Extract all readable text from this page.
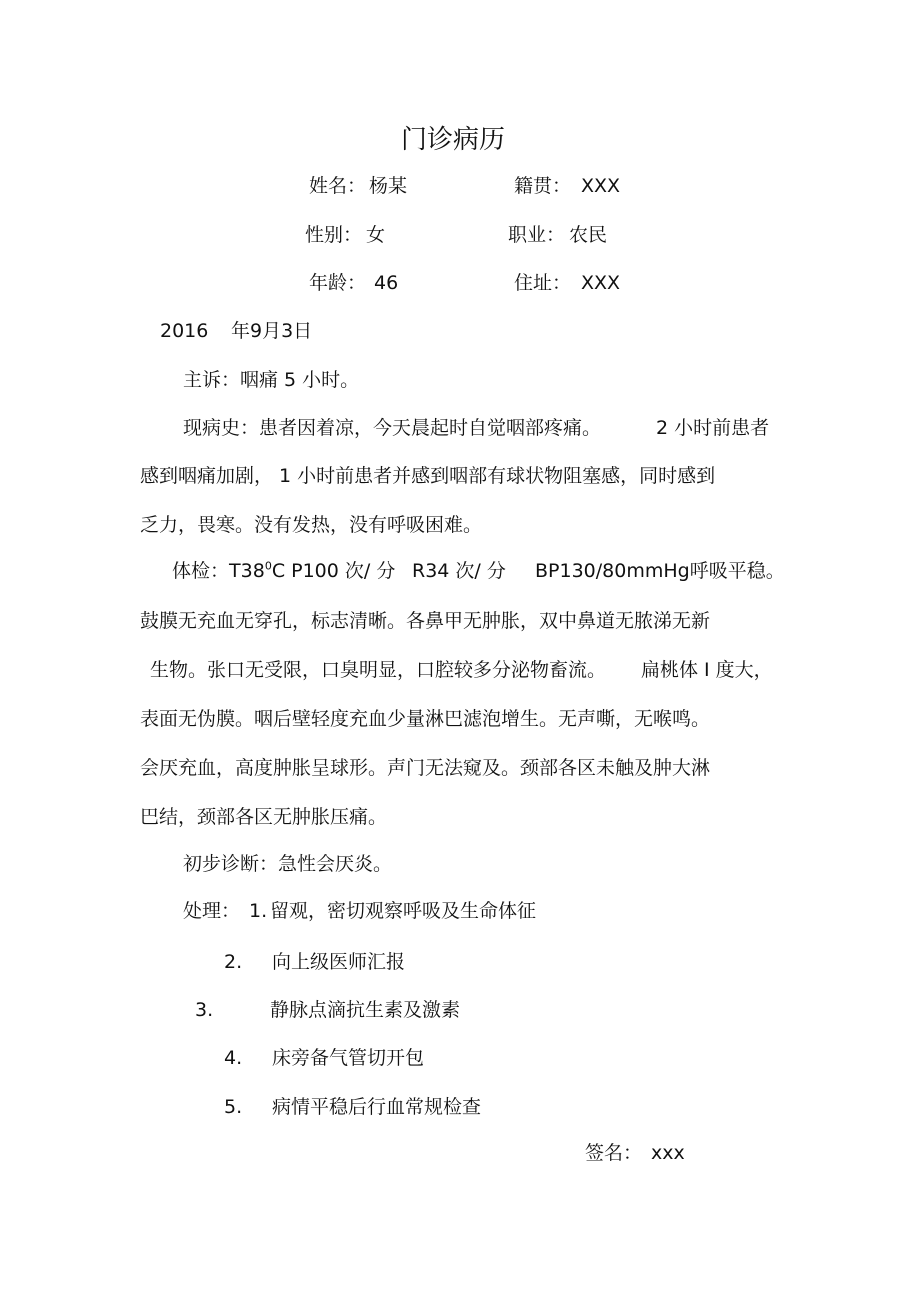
门诊病历
姓名： 杨某	籍贯： XXX
性别： 女	职业： 农民
年龄： 46	住址： XXX
2016 年9月3日
主诉：咽痛 5 小时。
现病史：患者因着凉，今天晨起时自觉咽部疼痛。	2 小时前患者
感到咽痛加剧， 1 小时前患者并感到咽部有球状物阻塞感，同时感到
乏力，畏寒。没有发热，没有呼吸困难。
体检：$T38^0C$ P100 次/ 分 R34 次/ 分 BP130/80mmHg呼吸平稳。
鼓膜无充血无穿孔，标志清晰。各鼻甲无肿胀，双中鼻道无脓涕无新
生物。张口无受限，口臭明显，口腔较多分泌物畜流。 扁桃体 I 度大，
表面无伪膜。咽后壁轻度充血少量淋巴滤泡增生。无声嘶，无喉鸣。
会厌充血，高度肿胀呈球形。声门无法窥及。颈部各区未触及肿大淋
巴结，颈部各区无肿胀压痛。
初步诊断：急性会厌炎。
处理： 1. 留观，密切观察呼吸及生命体征
2. 向上级医师汇报
3.	静脉点滴抗生素及激素
4. 床旁备气管切开包
5. 病情平稳后行血常规检查
签名： xxx
